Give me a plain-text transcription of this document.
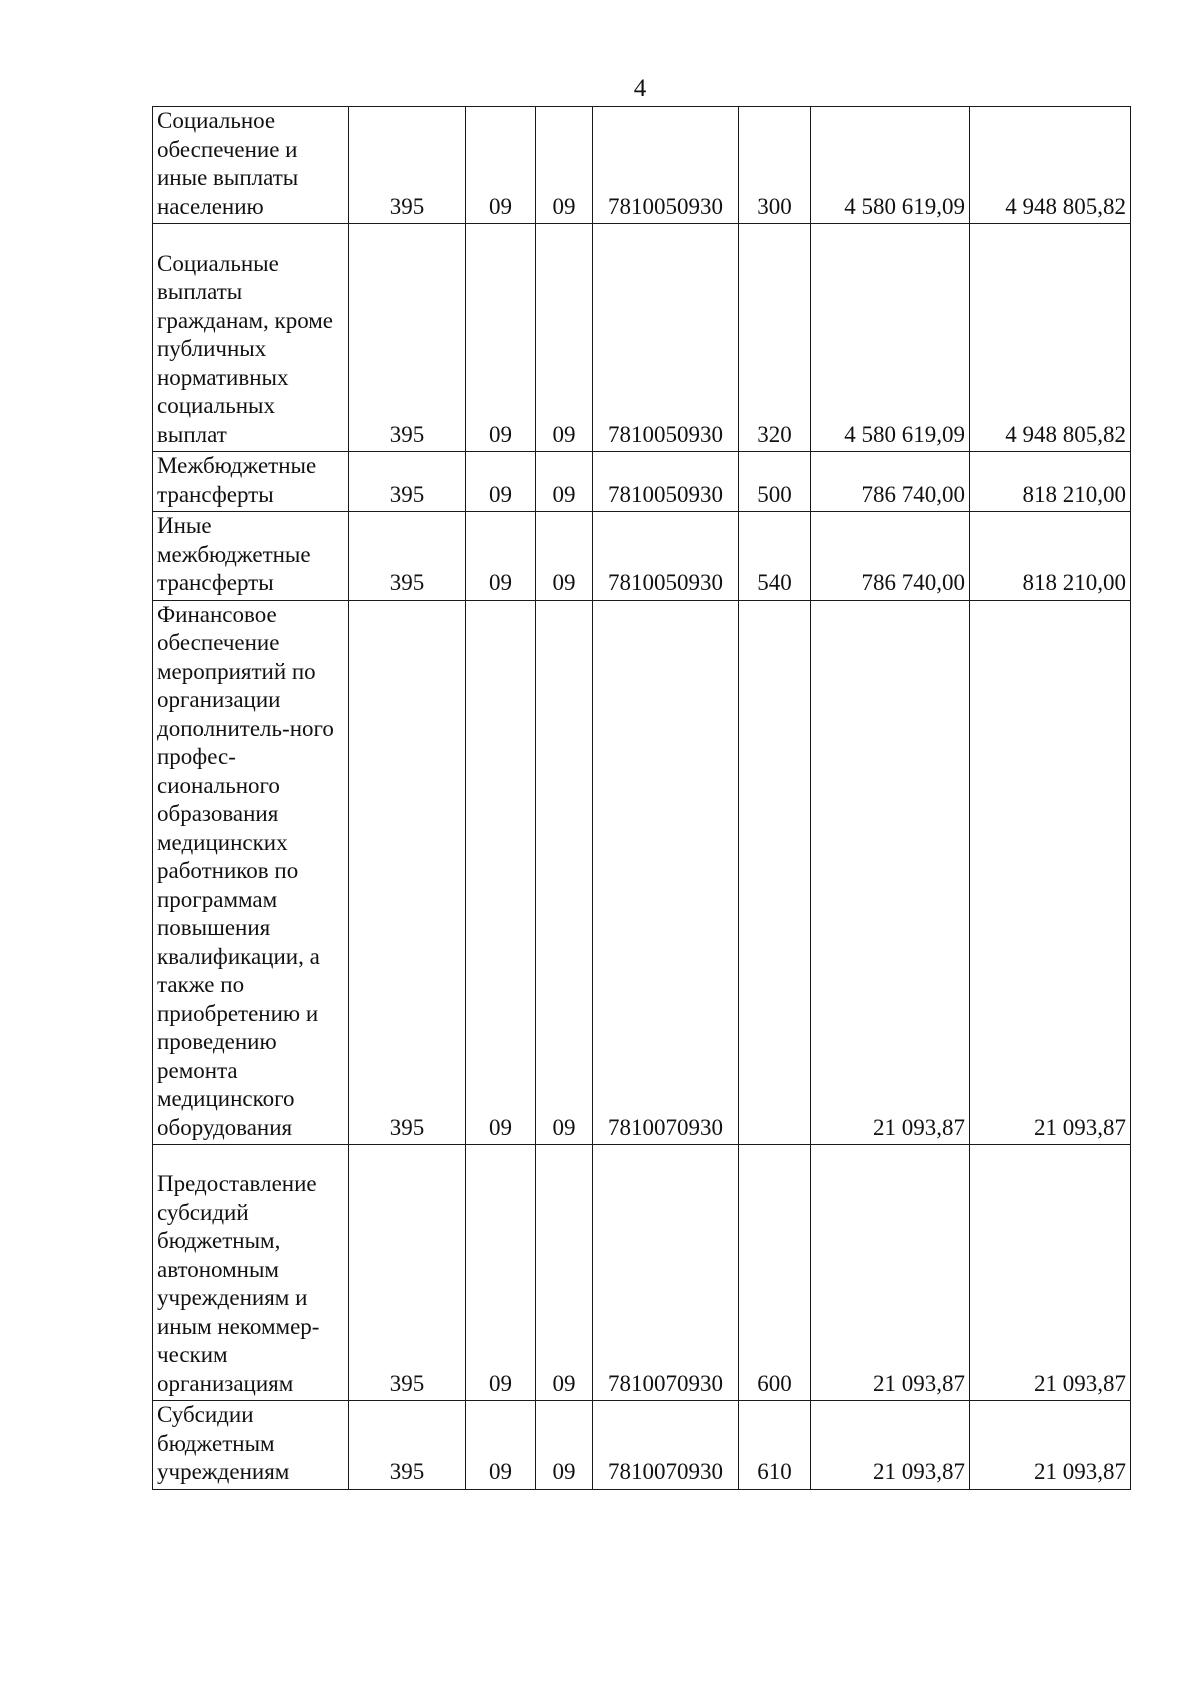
4
Социальное обеспечение и иные выплаты населению	395	09	09	7810050930	300	4 580 619,09	4 948 805,82
Социальные выплаты гражданам, кроме публичных нормативных социальных выплат	395	09	09	7810050930	320	4 580 619,09	4 948 805,82
Межбюджетные трансферты	395	09	09	7810050930	500	786 740,00	818 210,00
Иные межбюджетные трансферты	395	09	09	7810050930	540	786 740,00	818 210,00
Финансовое обеспечение мероприятий по организации дополнитель-ного профес-сионального образования медицинских работников по программам повышения квалификации, а также по приобретению и проведению ремонта медицинского оборудования	395	09	09	7810070930		21 093,87	21 093,87
Предоставление субсидий бюджетным, автономным учреждениям и иным некоммер-ческим организациям	395	09	09	7810070930	600	21 093,87	21 093,87
Субсидии бюджетным учреждениям	395	09	09	7810070930	610	21 093,87	21 093,87
